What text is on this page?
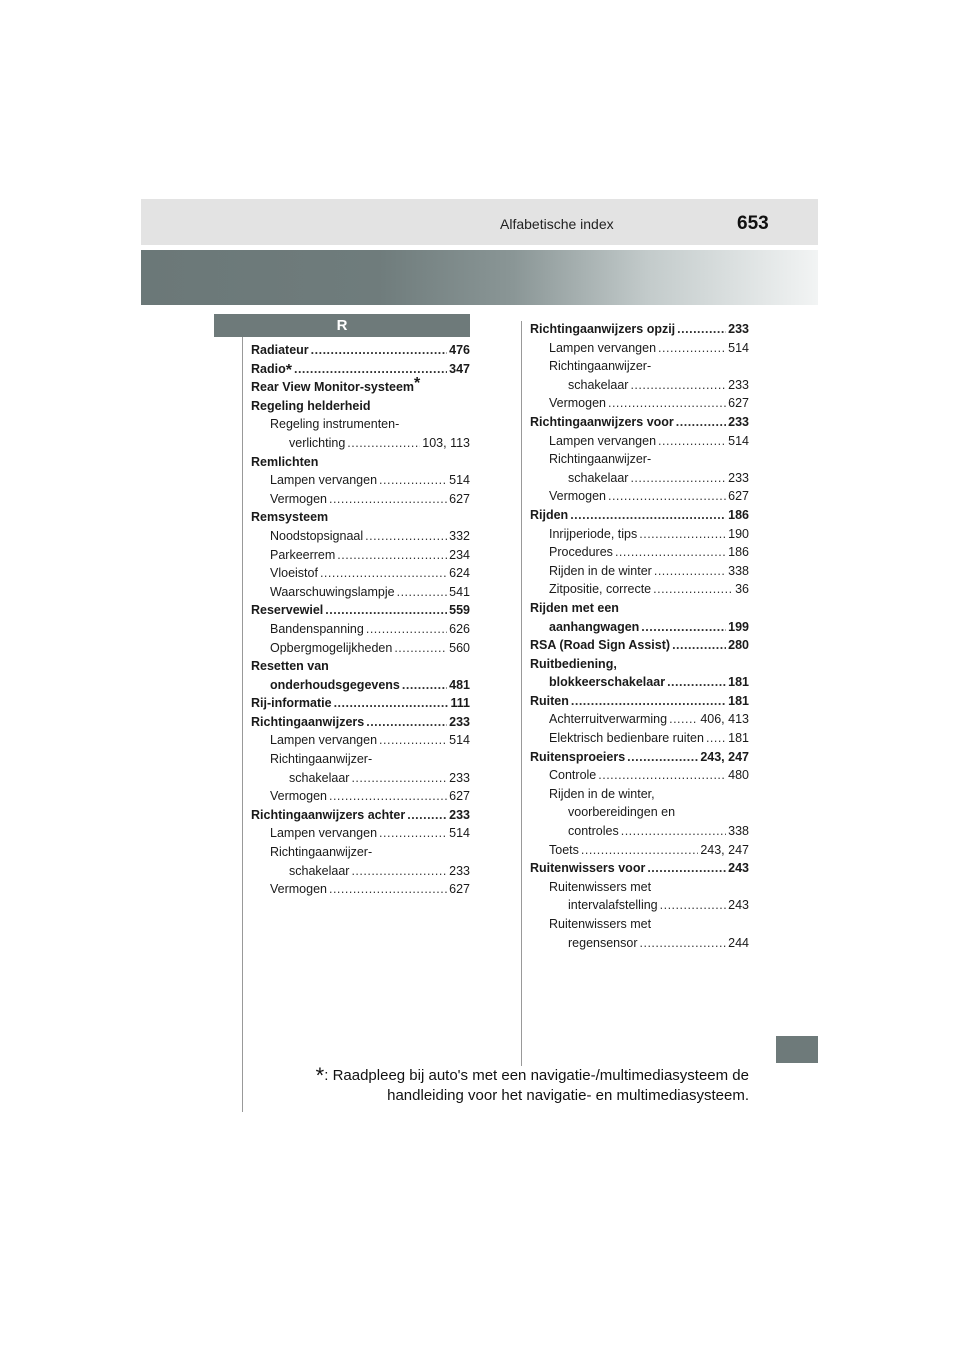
Alfabetische index	653
R
Radiateur .....	476
Radio* .....	347
Rear View Monitor-systeem*
Regeling helderheid
Regeling instrumenten-
verlichting .....	103, 113
Remlichten
Lampen vervangen .....	514
Vermogen .....	627
Remsysteem
Noodstopsignaal .....	332
Parkeerrem .....	234
Vloeistof .....	624
Waarschuwingslampje .....	541
Reservewiel .....	559
Bandenspanning .....	626
Opbergmogelijkheden .....	560
Resetten van
onderhoudsgegevens .....	481
Rij-informatie .....	111
Richtingaanwijzers .....	233
Lampen vervangen .....	514
Richtingaanwijzer-
schakelaar .....	233
Vermogen .....	627
Richtingaanwijzers achter .....	233
Lampen vervangen .....	514
Richtingaanwijzer-
schakelaar .....	233
Vermogen .....	627
Richtingaanwijzers opzij .....	233
Lampen vervangen .....	514
Richtingaanwijzer-
schakelaar .....	233
Vermogen .....	627
Richtingaanwijzers voor .....	233
Lampen vervangen .....	514
Richtingaanwijzer-
schakelaar .....	233
Vermogen .....	627
Rijden .....	186
Inrijperiode, tips .....	190
Procedures .....	186
Rijden in de winter .....	338
Zitpositie, correcte .....	36
Rijden met een
aanhangwagen .....	199
RSA (Road Sign Assist) .....	280
Ruitbediening,
blokkeerschakelaar .....	181
Ruiten .....	181
Achterruitverwarming .....	406, 413
Elektrisch bedienbare ruiten ..... 181
Ruitensproeiers .....	243, 247
Controle .....	480
Rijden in de winter,
voorbereidingen en
controles .....	338
Toets .....	243, 247
Ruitenwissers voor .....	243
Ruitenwissers met
intervalafstelling .....	243
Ruitenwissers met
regensensor .....	244
*: Raadpleeg bij auto's met een navigatie-/multimediasysteem de
handleiding voor het navigatie- en multimediasysteem.
